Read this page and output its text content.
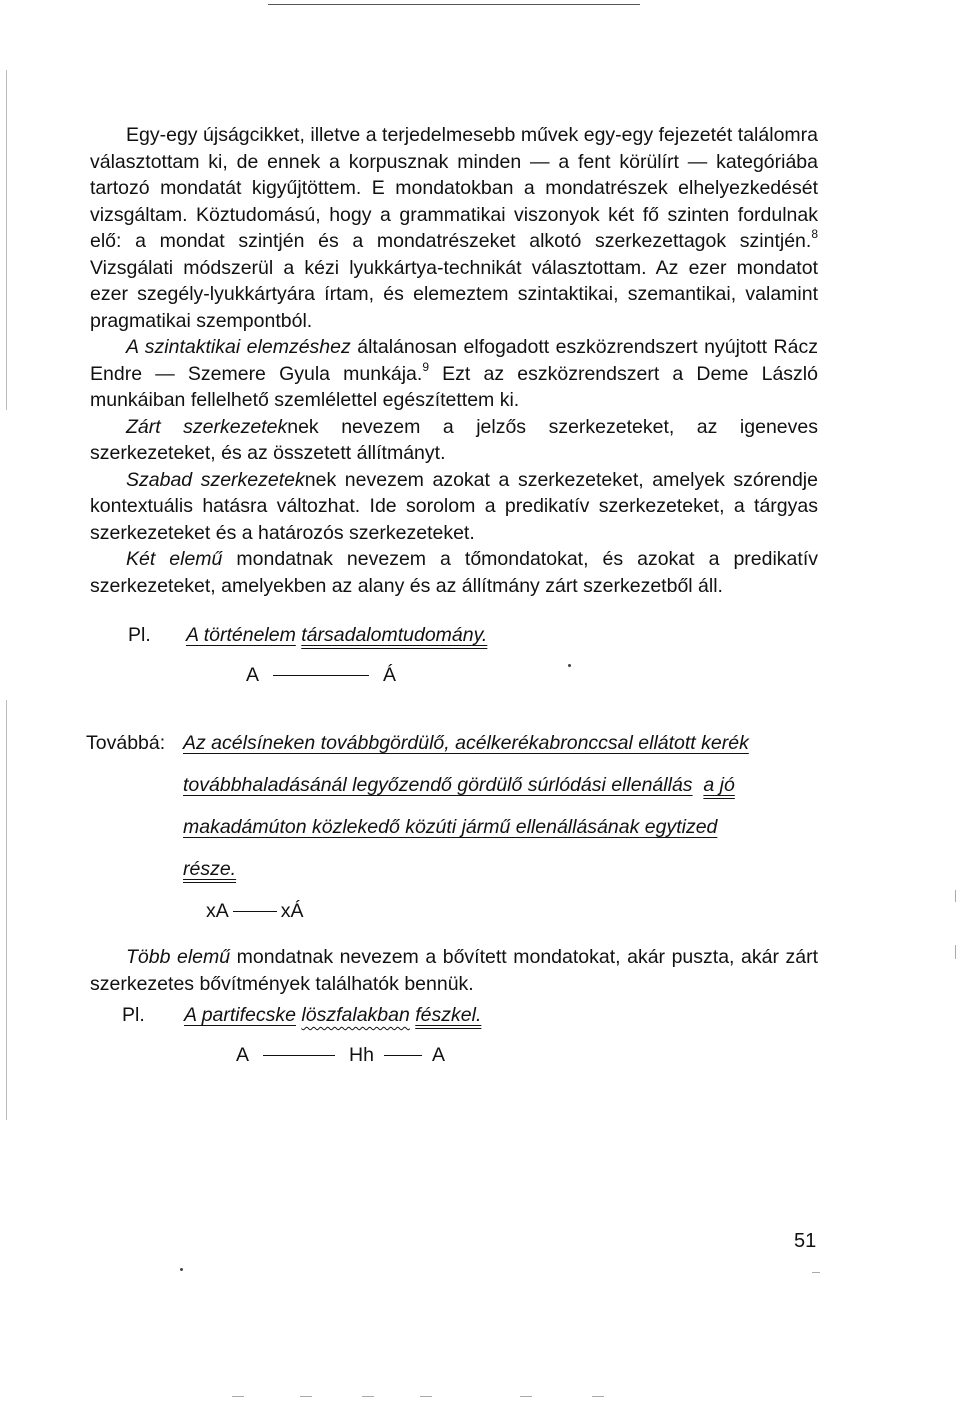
Egy-egy újságcikket, illetve a terjedelmesebb művek egy-egy fejezetét találomra választottam ki, de ennek a korpusznak minden — a fent körülírt — kategóriába tartozó mondatát kigyűjtöttem. E mondatokban a mondatrészek elhelyezkedését vizsgáltam. Köztudomású, hogy a grammatikai viszonyok két fő szinten fordulnak elő: a mondat szintjén és a mondatrészeket alkotó szerkezettagok szintjén.$^8$ Vizsgálati módszerül a kézi lyukkártya-technikát választottam. Az ezer mondatot ezer szegély-lyukkártyára írtam, és elemeztem szintaktikai, szemantikai, valamint pragmatikai szempontból.

A szintaktikai elemzéshez általánosan elfogadott eszközrendszert nyújtott Rácz Endre — Szemere Gyula munkája.$^9$ Ezt az eszközrendszert a Deme László munkáiban fellelhető szemlélettel egészítettem ki.

Zárt szerkezeteknek nevezem a jelzős szerkezeteket, az igeneves szerkezeteket, és az összetett állítmányt.

Szabad szerkezeteknek nevezem azokat a szerkezeteket, amelyek szórendje kontextuális hatásra változhat. Ide sorolom a predikatív szerkezeteket, a tárgyas szerkezeteket és a határozós szerkezeteket.

Két elemű mondatnak nevezem a tőmondatokat, és azokat a predikatív szerkezeteket, amelyekben az alany és az állítmány zárt szerkezetből áll.

Pl. A történelem társadalomtudomány.
A	Á
Továbbá: Az acélsíneken továbbgördülő, acélkerékabronccsal ellátott kerék
továbbhaladásánál legyőzendő gördülő súrlódási ellenállás a jó
makadámúton közlekedő közúti jármű ellenállásának egytized
része.
xA	xÁ

Több elemű mondatnak nevezem a bővített mondatokat, akár puszta, akár zárt szerkezetes bővítmények találhatók bennük.

Pl. A partifecske löszfalakban fészkel.
A	Hh	A
51
